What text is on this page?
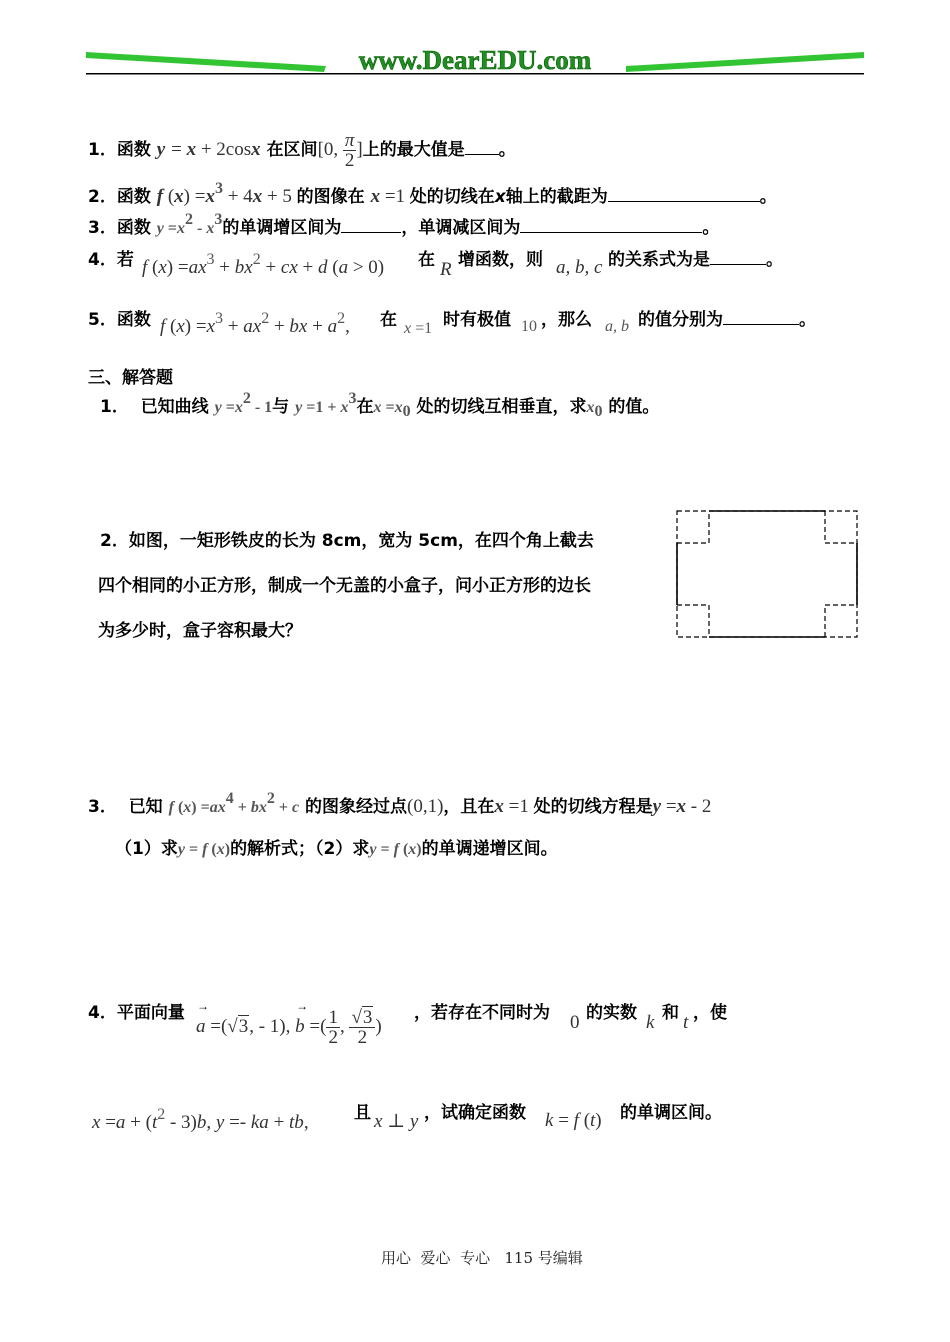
www.DearEDU.com
1．函数 y = x + 2cosx 在区间[0, $\frac{\pi}{2}$ ]上的最大值是 。
2．函数 f $(x) =x^3 + 4x + 5$ 的图像在 x =1 处的切线在x轴上的截距为	。
3．函数 $y =x^2 - x^3$的单调增区间为	，单调减区间为	。
4．若 f $(x) =ax^3 + bx^2$ + cx + d (a > 0) 在 R 增函数，则 a, b, c 的关系式为是	。
5．函数 f $(x) =x^3 + ax^2$ + bx + $a^2$, 在 x =1 时有极值 10 ，那么 a, b 的值分别为	。
三、解答题
1． 已知曲线 $y =x^2 - 1$与 $y =1 + x^3$在$x =x_0$ 处的切线互相垂直，求$x_0$ 的值。
2．如图，一矩形铁皮的长为 8cm，宽为 5cm，在四个角上截去
四个相同的小正方形，制成一个无盖的小盒子，问小正方形的边长
为多少时，盒子容积最大？
3． 已知 f $(x) =ax^4 + bx^2 + c$ 的图象经过点(0,1)，且在x =1 处的切线方程是y =x - 2
（1）求y = f (x)的解析式；（2）求y = f (x)的单调递增区间。
4．平面向量
→ a =(√3, - 1), → b =( $\frac{1}{2}$ , $\frac{√3}{2}$ )
，若存在不同时为 0 的实数 k 和 t ，使
$x =a + (t^2 - 3)b$, y =- ka + tb,	且 x ⊥ y ，试确定函数 k = f (t) 的单调区间。
用心  爱心  专心   115 号编辑
